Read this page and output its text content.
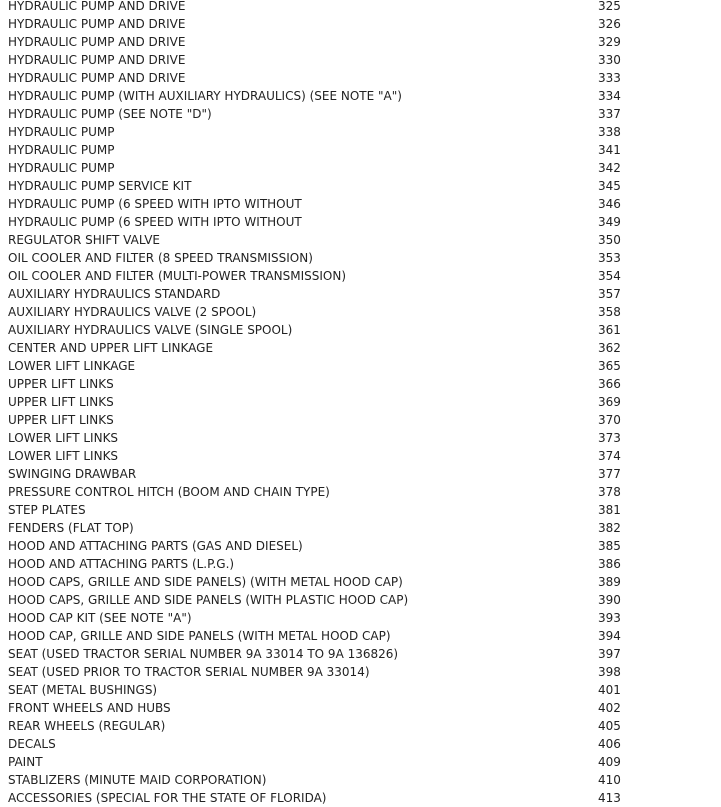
HYDRAULIC PUMP AND DRIVE	325
HYDRAULIC PUMP AND DRIVE	326
HYDRAULIC PUMP AND DRIVE	329
HYDRAULIC PUMP AND DRIVE	330
HYDRAULIC PUMP AND DRIVE	333
HYDRAULIC PUMP (WITH AUXILIARY HYDRAULICS) (SEE NOTE "A")	334
HYDRAULIC PUMP (SEE NOTE "D")	337
HYDRAULIC PUMP	338
HYDRAULIC PUMP	341
HYDRAULIC PUMP	342
HYDRAULIC PUMP SERVICE KIT	345
HYDRAULIC PUMP (6 SPEED WITH IPTO WITHOUT	346
HYDRAULIC PUMP (6 SPEED WITH IPTO WITHOUT	349
REGULATOR SHIFT VALVE	350
OIL COOLER AND FILTER (8 SPEED TRANSMISSION)	353
OIL COOLER AND FILTER (MULTI-POWER TRANSMISSION)	354
AUXILIARY HYDRAULICS STANDARD	357
AUXILIARY HYDRAULICS VALVE (2 SPOOL)	358
AUXILIARY HYDRAULICS VALVE (SINGLE SPOOL)	361
CENTER AND UPPER LIFT LINKAGE	362
LOWER LIFT LINKAGE	365
UPPER LIFT LINKS	366
UPPER LIFT LINKS	369
UPPER LIFT LINKS	370
LOWER LIFT LINKS	373
LOWER LIFT LINKS	374
SWINGING DRAWBAR	377
PRESSURE CONTROL HITCH (BOOM AND CHAIN TYPE)	378
STEP PLATES	381
FENDERS (FLAT TOP)	382
HOOD AND ATTACHING PARTS (GAS AND DIESEL)	385
HOOD AND ATTACHING PARTS (L.P.G.)	386
HOOD CAPS, GRILLE AND SIDE PANELS) (WITH METAL HOOD CAP)	389
HOOD CAPS, GRILLE AND SIDE PANELS (WITH PLASTIC HOOD CAP)	390
HOOD CAP KIT (SEE NOTE "A")	393
HOOD CAP, GRILLE AND SIDE PANELS (WITH METAL HOOD CAP)	394
SEAT (USED TRACTOR SERIAL NUMBER 9A 33014 TO 9A 136826)	397
SEAT (USED PRIOR TO TRACTOR SERIAL NUMBER 9A 33014)	398
SEAT (METAL BUSHINGS)	401
FRONT WHEELS AND HUBS	402
REAR WHEELS (REGULAR)	405
DECALS	406
PAINT	409
STABLIZERS (MINUTE MAID CORPORATION)	410
ACCESSORIES (SPECIAL FOR THE STATE OF FLORIDA)	413
